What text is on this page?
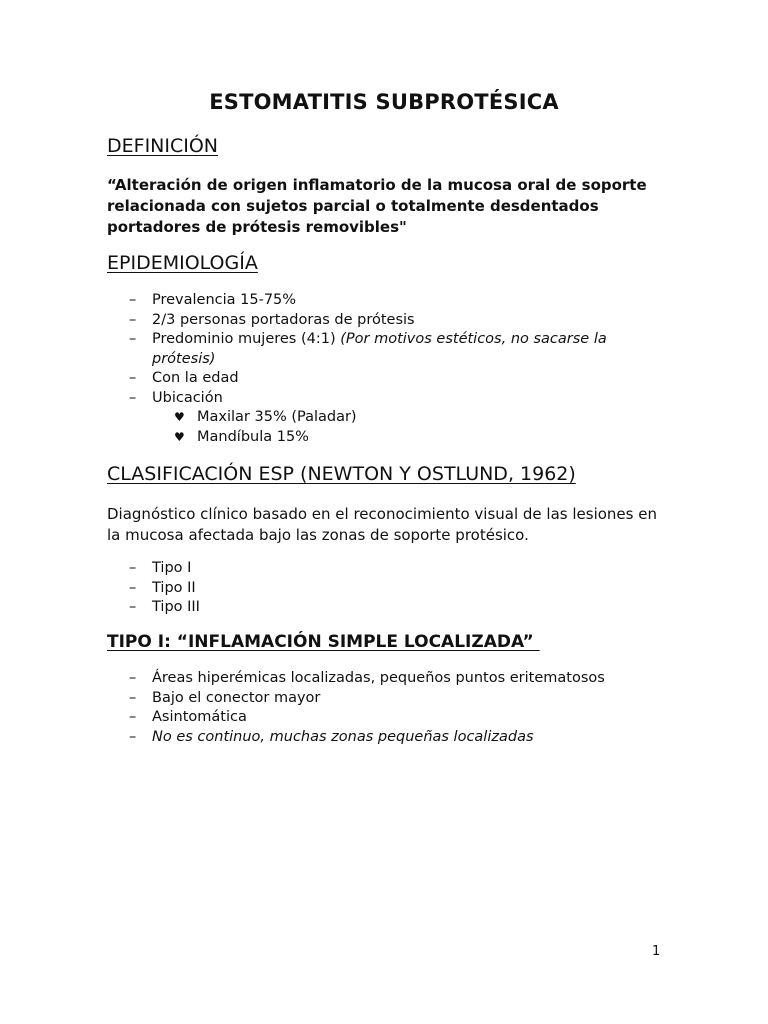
ESTOMATITIS SUBPROTÉSICA
DEFINICIÓN
“Alteración de origen inflamatorio de la mucosa oral de soporte relacionada con sujetos parcial o totalmente desdentados portadores de prótesis removibles"
EPIDEMIOLOGÍA
– Prevalencia 15-75%
– 2/3 personas portadoras de prótesis
– Predominio mujeres (4:1) (Por motivos estéticos, no sacarse la prótesis)
– Con la edad
– Ubicación
♥ Maxilar 35% (Paladar)
♥ Mandíbula 15%
CLASIFICACIÓN ESP (NEWTON Y OSTLUND, 1962)
Diagnóstico clínico basado en el reconocimiento visual de las lesiones en la mucosa afectada bajo las zonas de soporte protésico.
– Tipo I
– Tipo II
– Tipo III
TIPO I: “INFLAMACIÓN SIMPLE LOCALIZADA”
– Áreas hiperémicas localizadas, pequeños puntos eritematosos
– Bajo el conector mayor
– Asintomática
– No es continuo, muchas zonas pequeñas localizadas
1
